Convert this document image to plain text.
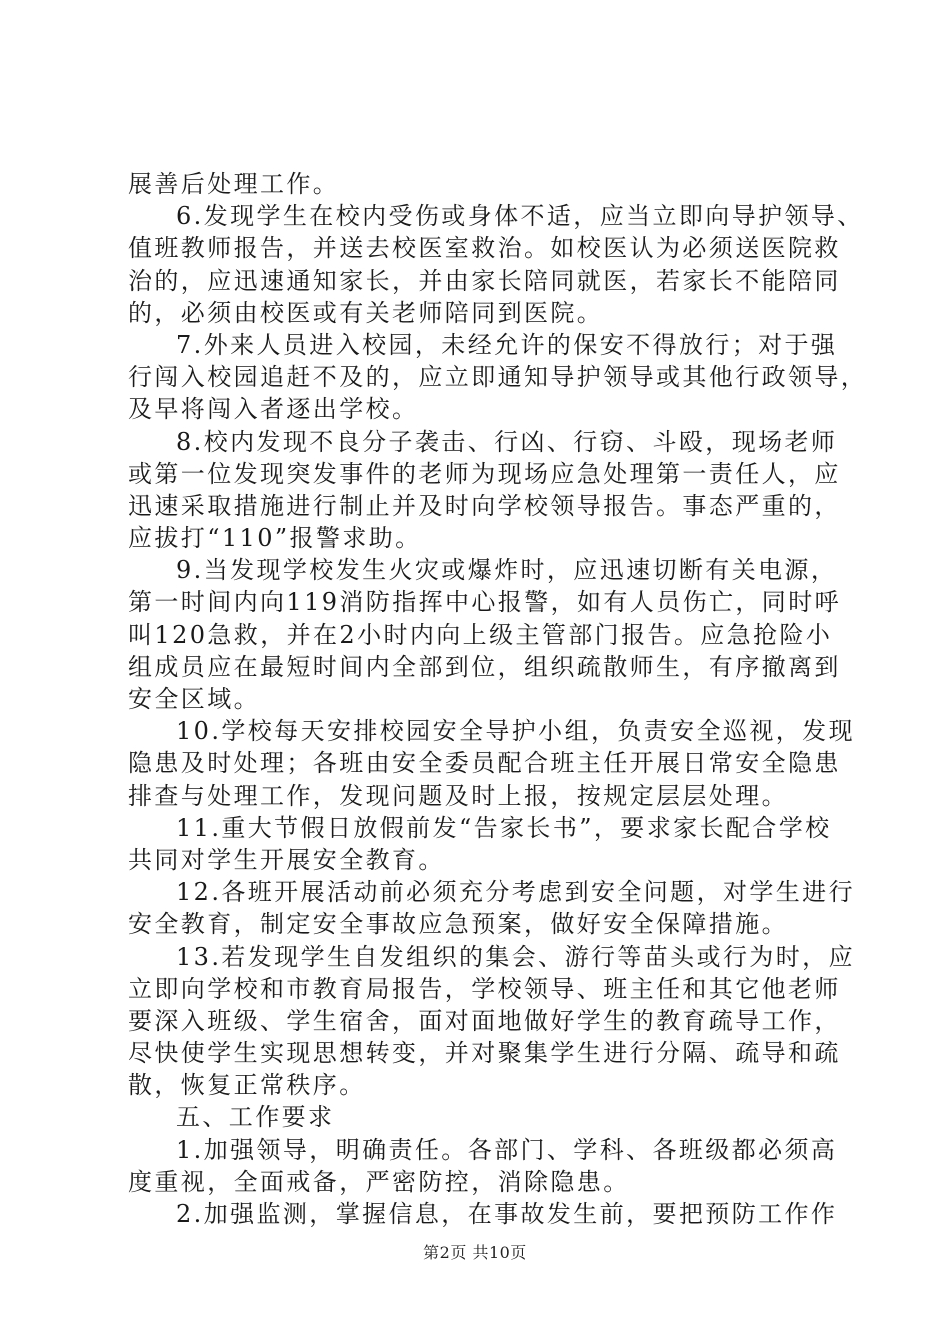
展善后处理工作。
6.发现学生在校内受伤或身体不适，应当立即向导护领导、
值班教师报告，并送去校医室救治。如校医认为必须送医院救
治的，应迅速通知家长，并由家长陪同就医，若家长不能陪同
的，必须由校医或有关老师陪同到医院。
7.外来人员进入校园，未经允许的保安不得放行；对于强
行闯入校园追赶不及的，应立即通知导护领导或其他行政领导，
及早将闯入者逐出学校。
8.校内发现不良分子袭击、行凶、行窃、斗殴，现场老师
或第一位发现突发事件的老师为现场应急处理第一责任人，应
迅速采取措施进行制止并及时向学校领导报告。事态严重的，
应拔打“110”报警求助。
9.当发现学校发生火灾或爆炸时，应迅速切断有关电源，
第一时间内向119消防指挥中心报警，如有人员伤亡，同时呼
叫120急救，并在2小时内向上级主管部门报告。应急抢险小
组成员应在最短时间内全部到位，组织疏散师生，有序撤离到
安全区域。
10.学校每天安排校园安全导护小组，负责安全巡视，发现
隐患及时处理；各班由安全委员配合班主任开展日常安全隐患
排查与处理工作，发现问题及时上报，按规定层层处理。
11.重大节假日放假前发“告家长书”，要求家长配合学校
共同对学生开展安全教育。
12.各班开展活动前必须充分考虑到安全问题，对学生进行
安全教育，制定安全事故应急预案，做好安全保障措施。
13.若发现学生自发组织的集会、游行等苗头或行为时，应
立即向学校和市教育局报告，学校领导、班主任和其它他老师
要深入班级、学生宿舍，面对面地做好学生的教育疏导工作，
尽快使学生实现思想转变，并对聚集学生进行分隔、疏导和疏
散，恢复正常秩序。
五、工作要求
1.加强领导，明确责任。各部门、学科、各班级都必须高
度重视，全面戒备，严密防控，消除隐患。
2.加强监测，掌握信息，在事故发生前，要把预防工作作
第2页 共10页
